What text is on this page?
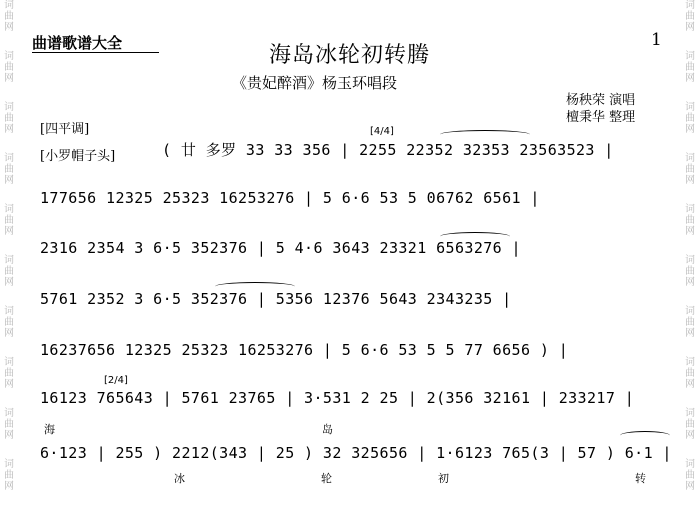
词
曲
网
词
曲
网
词
曲
网
词
曲
网
词
曲
网
词
曲
网
词
曲
网
词
曲
网
词
曲
网
词
曲
网
词
曲
网
词
曲
网
词
曲
网
词
曲
网
词
曲
网
词
曲
网
词
曲
网
词
曲
网
词
曲
网
词
曲
网
曲谱歌谱大全	1
海岛冰轮初转腾
《贵妃醉酒》杨玉环唱段
杨秧荣 演唱
檀秉华 整理
[四平调]
[小罗帽子头]
[4/4]
[2/4]
( 廿 多罗 33 33 356 | 2255 22352 32353 23563523 |
177656 12325 25323 16253276 | 5 6·6 53 5 06762 6561 |
2316 2354 3 6·5 352376 | 5 4·6 3643 23321 6563276 |
5761 2352 3 6·5 352376 | 5356 12376 5643 2343235 |
16237656 12325 25323 16253276 | 5 6·6 53 5 5 77 6656 ) |
16123 765643 | 5761 23765 | 3·531 2 25 | 2(356 32161 | 233217 |
6·123 | 255 ) 2212(343 | 25 ) 32 325656 | 1·6123 765(3 | 57 ) 6·1 |
海	岛
冰	轮	初	转
